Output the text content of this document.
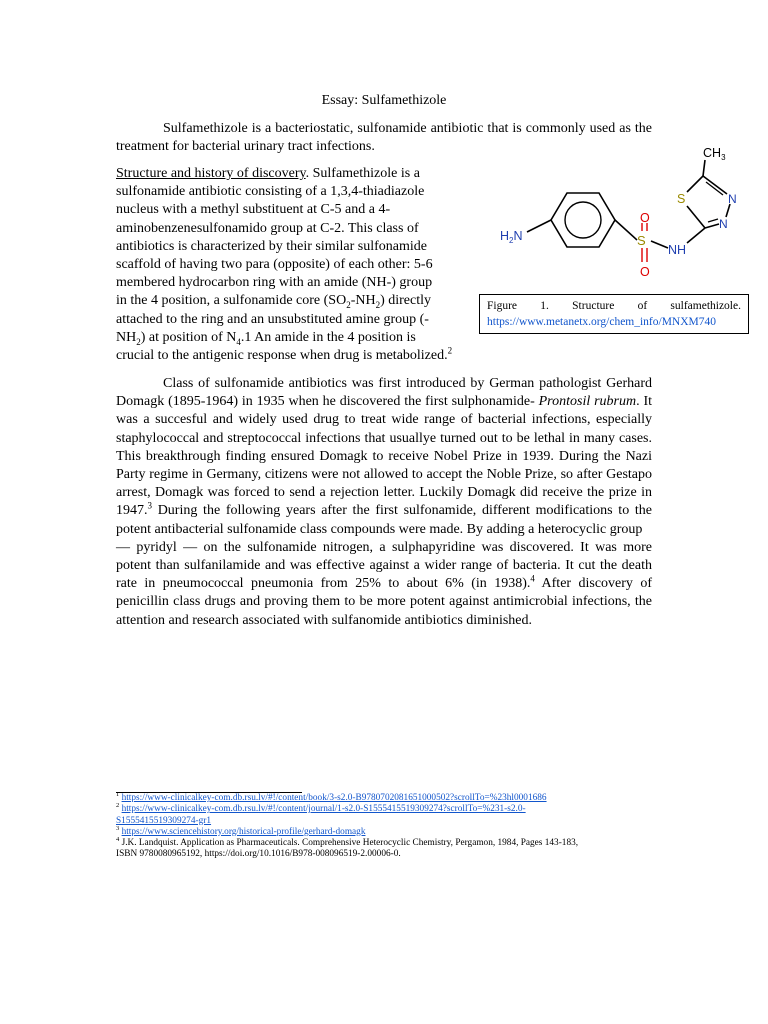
Essay: Sulfamethizole
Sulfamethizole is a bacteriostatic, sulfonamide antibiotic that is commonly used as the treatment for bacterial urinary tract infections.
Structure and history of discovery. Sulfamethizole is a
sulfonamide antibiotic consisting of a 1,3,4-thiadiazole
nucleus with a methyl substituent at C-5 and a 4-
aminobenzenesulfonamido group at C-2. This class of
antibiotics is characterized by their similar sulfonamide
scaffold of having two para (opposite) of each other: 5-6
membered hydrocarbon ring with an amide (NH-) group
in the 4 position, a sulfonamide core $(SO_2-NH_2)$ directly
attached to the ring and an unsubstituted amine group (-
$NH_2$) at position of $N_4.1$ An amide in the 4 position is
crucial to the antigenic response when drug is metabolized.$^2$
$H_2N$	S
O
O
NH
S	N
N
$CH_3$
Figure 1. Structure of sulfamethizole.
https://www.metanetx.org/chem_info/MNXM740
Class of sulfonamide antibiotics was first introduced by German pathologist Gerhard Domagk (1895-1964) in 1935 when he discovered the first sulphonamide- Prontosil rubrum. It was a succesful and widely used drug to treat wide range of bacterial infections, especially staphylococcal and streptococcal infections that usuallye turned out to be lethal in many cases. This breakthrough finding ensured Domagk to receive Nobel Prize in 1939. During the Nazi Party regime in Germany, citizens were not allowed to accept the Noble Prize, so after Gestapo arrest, Domagk was forced to send a rejection letter. Luckily Domagk did receive the prize in 1947.$^3$ During the following years after the first sulfonamide, different modifications to the potent antibacterial sulfonamide class compounds were made. By adding a heterocyclic group
— pyridyl — on the sulfonamide nitrogen, a sulphapyridine was discovered. It was more potent than sulfanilamide and was effective against a wider range of bacteria. It cut the death rate in pneumococcal pneumonia from 25% to about 6% (in 1938).$^4$ After discovery of penicillin class drugs and proving them to be more potent against antimicrobial infections, the attention and research associated with sulfanomide antibiotics diminished.
$^1$ https://www-clinicalkey-com.db.rsu.lv/#!/content/book/3-s2.0-B9780702081651000502?scrollTo=%23hl0001686
$^2$ https://www-clinicalkey-com.db.rsu.lv/#!/content/journal/1-s2.0-S1555415519309274?scrollTo=%231-s2.0-
S1555415519309274-gr1
$^3$ https://www.sciencehistory.org/historical-profile/gerhard-domagk
$^4$ J.K. Landquist. Application as Pharmaceuticals. Comprehensive Heterocyclic Chemistry, Pergamon, 1984, Pages 143-183,
ISBN 9780080965192, https://doi.org/10.1016/B978-008096519-2.00006-0.
